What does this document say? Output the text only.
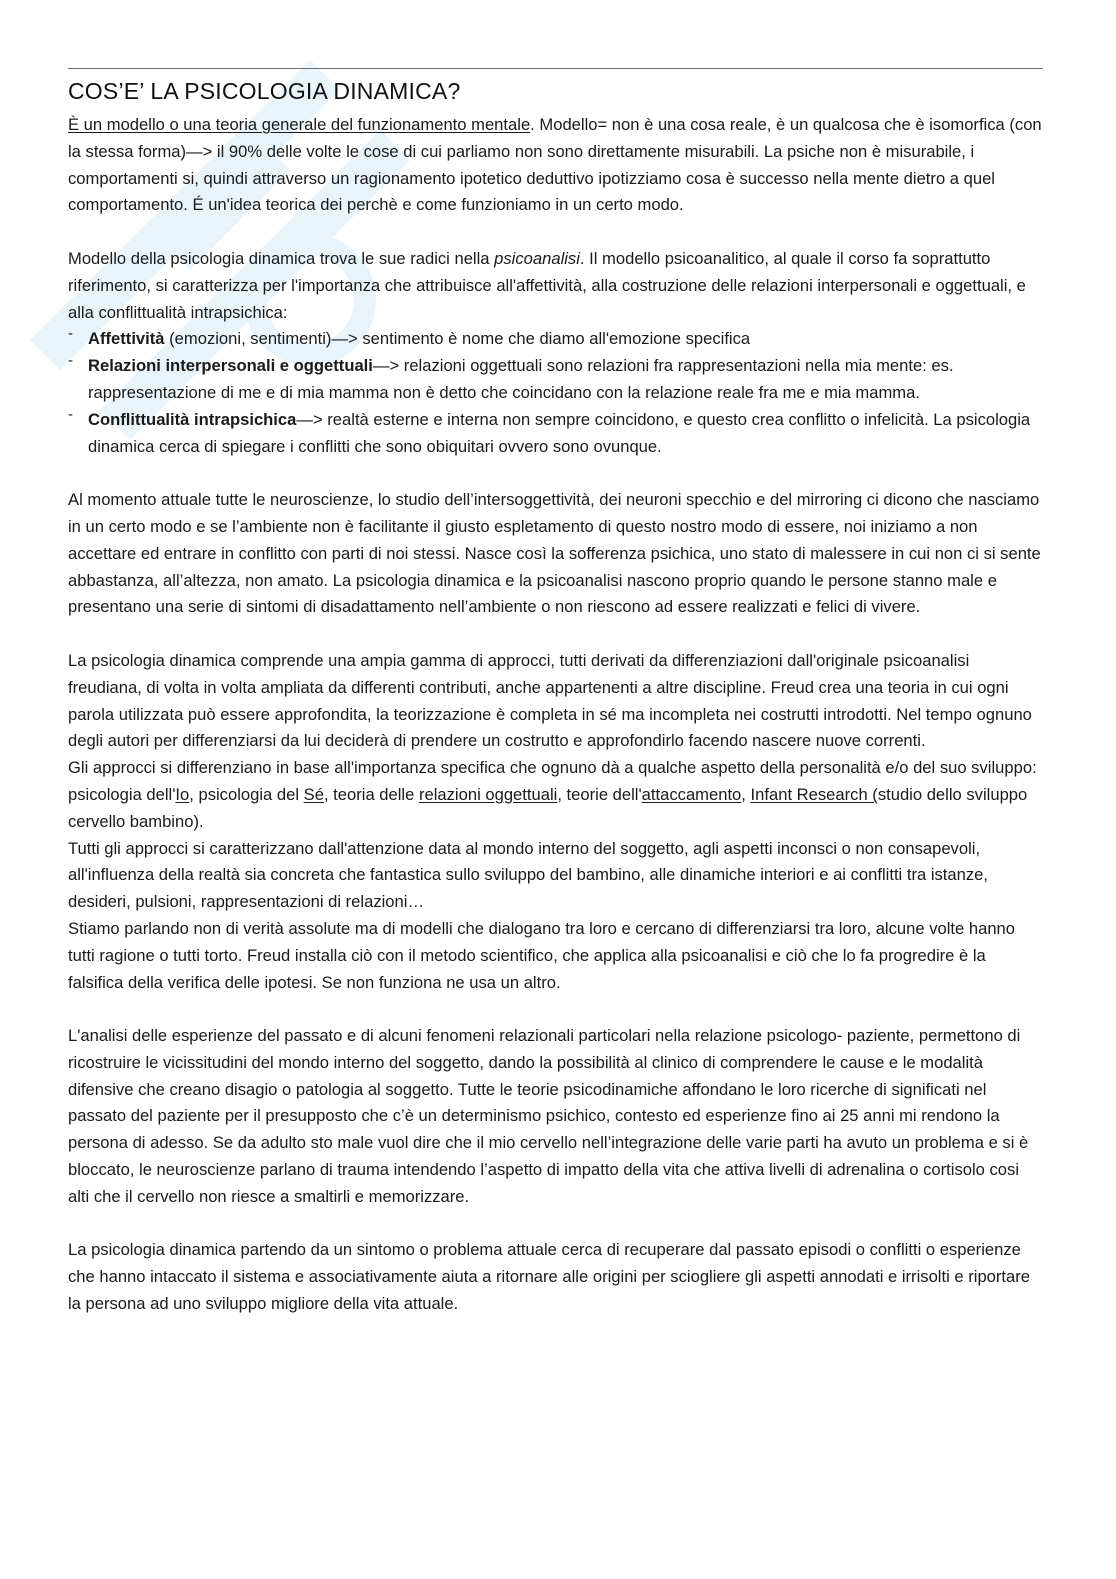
COS’E’ LA PSICOLOGIA DINAMICA?

È un modello o una teoria generale del funzionamento mentale. Modello= non è una cosa reale, è un qualcosa che è isomorfica (con la stessa forma)—> il 90% delle volte le cose di cui parliamo non sono direttamente misurabili. La psiche non è misurabile, i comportamenti si, quindi attraverso un ragionamento ipotetico deduttivo ipotizziamo cosa è successo nella mente dietro a quel comportamento. É un'idea teorica dei perchè e come funzioniamo in un certo modo.

Modello della psicologia dinamica trova le sue radici nella psicoanalisi. Il modello psicoanalitico, al quale il corso fa soprattutto riferimento, si caratterizza per l'importanza che attribuisce all'affettività, alla costruzione delle relazioni interpersonali e oggettuali, e alla conflittualità intrapsichica:

- Affettività (emozioni, sentimenti)—> sentimento è nome che diamo all'emozione specifica
- Relazioni interpersonali e oggettuali—> relazioni oggettuali sono relazioni fra rappresentazioni nella mia mente: es. rappresentazione di me e di mia mamma non è detto che coincidano con la relazione reale fra me e mia mamma.
- Conflittualità intrapsichica—> realtà esterne e interna non sempre coincidono, e questo crea conflitto o infelicità. La psicologia dinamica cerca di spiegare i conflitti che sono obiquitari ovvero sono ovunque.

Al momento attuale tutte le neuroscienze, lo studio dell’intersoggettività, dei neuroni specchio e del mirroring ci dicono che nasciamo in un certo modo e se l’ambiente non è facilitante il giusto espletamento di questo nostro modo di essere, noi iniziamo a non accettare ed entrare in conflitto con parti di noi stessi. Nasce così la sofferenza psichica, uno stato di malessere in cui non ci si sente abbastanza, all’altezza, non amato. La psicologia dinamica e la psicoanalisi nascono proprio quando le persone stanno male e presentano una serie di sintomi di disadattamento nell’ambiente o non riescono ad essere realizzati e felici di vivere.

La psicologia dinamica comprende una ampia gamma di approcci, tutti derivati da differenziazioni dall'originale psicoanalisi freudiana, di volta in volta ampliata da differenti contributi, anche appartenenti a altre discipline. Freud crea una teoria in cui ogni parola utilizzata può essere approfondita, la teorizzazione è completa in sé ma incompleta nei costrutti introdotti. Nel tempo ognuno degli autori per differenziarsi da lui deciderà di prendere un costrutto e approfondirlo facendo nascere nuove correnti.

Gli approcci si differenziano in base all'importanza specifica che ognuno dà a qualche aspetto della personalità e/o del suo sviluppo: psicologia dell'Io, psicologia del Sé, teoria delle relazioni oggettuali, teorie dell'attaccamento, Infant Research (studio dello sviluppo cervello bambino).

Tutti gli approcci si caratterizzano dall'attenzione data al mondo interno del soggetto, agli aspetti inconsci o non consapevoli, all'influenza della realtà sia concreta che fantastica sullo sviluppo del bambino, alle dinamiche interiori e ai conflitti tra istanze, desideri, pulsioni, rappresentazioni di relazioni…

Stiamo parlando non di verità assolute ma di modelli che dialogano tra loro e cercano di differenziarsi tra loro, alcune volte hanno tutti ragione o tutti torto. Freud installa ciò con il metodo scientifico, che applica alla psicoanalisi e ciò che lo fa progredire è la falsifica della verifica delle ipotesi. Se non funziona ne usa un altro.

L'analisi delle esperienze del passato e di alcuni fenomeni relazionali particolari nella relazione psicologo- paziente, permettono di ricostruire le vicissitudini del mondo interno del soggetto, dando la possibilità al clinico di comprendere le cause e le modalità difensive che creano disagio o patologia al soggetto. Tutte le teorie psicodinamiche affondano le loro ricerche di significati nel passato del paziente per il presupposto che c’è un determinismo psichico, contesto ed esperienze fino ai 25 anni mi rendono la persona di adesso. Se da adulto sto male vuol dire che il mio cervello nell’integrazione delle varie parti ha avuto un problema e si è bloccato, le neuroscienze parlano di trauma intendendo l’aspetto di impatto della vita che attiva livelli di adrenalina o cortisolo cosi alti che il cervello non riesce a smaltirli e memorizzare.

La psicologia dinamica partendo da un sintomo o problema attuale cerca di recuperare dal passato episodi o conflitti o esperienze che hanno intaccato il sistema e associativamente aiuta a ritornare alle origini per sciogliere gli aspetti annodati e irrisolti e riportare la persona ad uno sviluppo migliore della vita attuale.
